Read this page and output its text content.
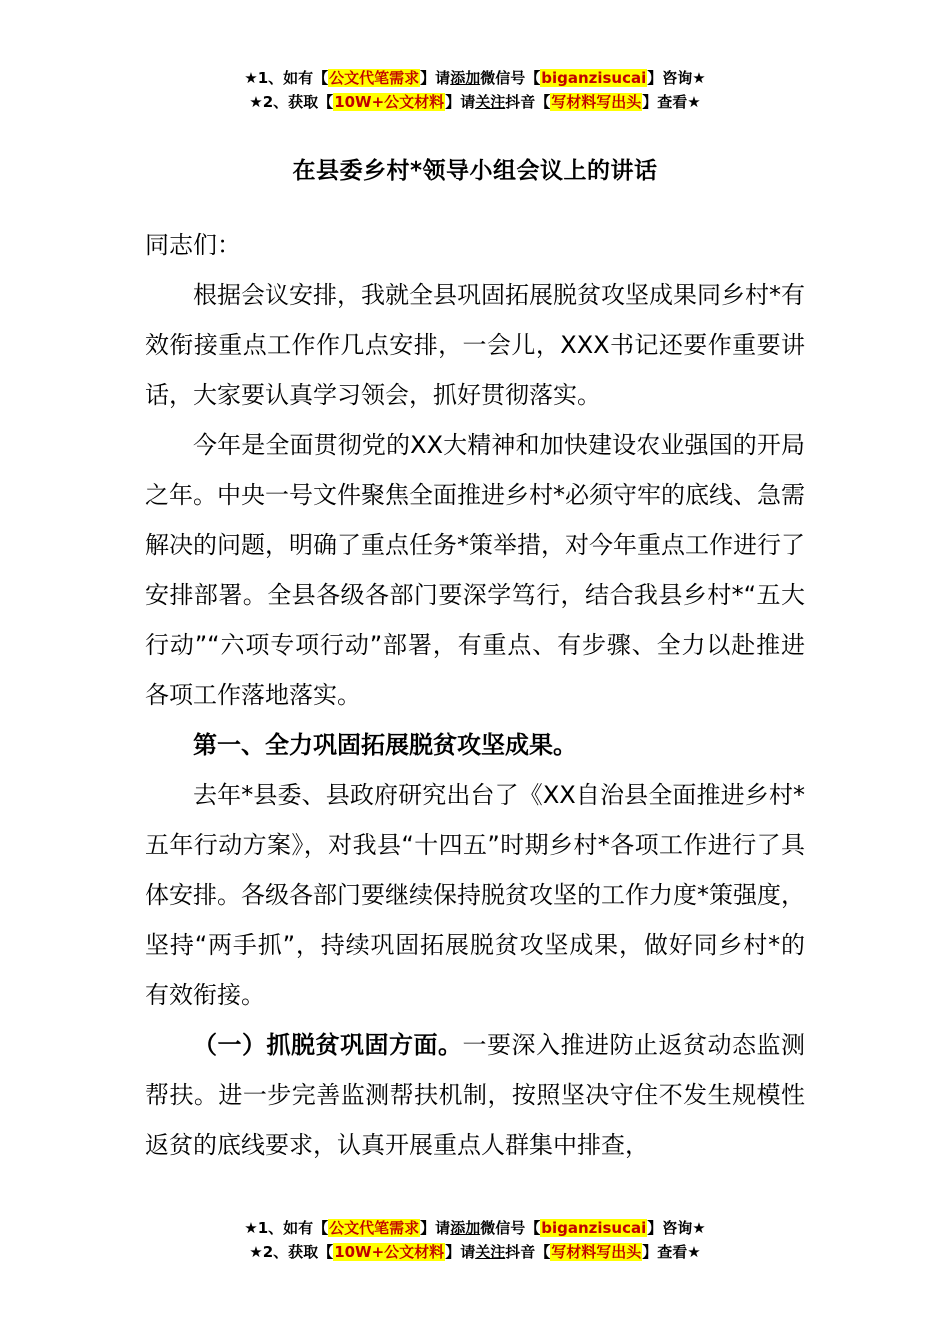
★1、如有【公文代笔需求】请添加微信号【biganzisucai】咨询★
★2、获取【10W+公文材料】请关注抖音【写材料写出头】查看★
在县委乡村*领导小组会议上的讲话

同志们：

根据会议安排，我就全县巩固拓展脱贫攻坚成果同乡村*有效衔接重点工作作几点安排，一会儿，XXX书记还要作重要讲话，大家要认真学习领会，抓好贯彻落实。

今年是全面贯彻党的XX大精神和加快建设农业强国的开局之年。中央一号文件聚焦全面推进乡村*必须守牢的底线、急需解决的问题，明确了重点任务*策举措，对今年重点工作进行了安排部署。全县各级各部门要深学笃行，结合我县乡村*“五大行动”“六项专项行动”部署，有重点、有步骤、全力以赴推进各项工作落地落实。

第一、全力巩固拓展脱贫攻坚成果。

去年*县委、县政府研究出台了《XX自治县全面推进乡村*五年行动方案》，对我县“十四五”时期乡村*各项工作进行了具体安排。各级各部门要继续保持脱贫攻坚的工作力度*策强度，坚持“两手抓”，持续巩固拓展脱贫攻坚成果，做好同乡村*的有效衔接。

（一）抓脱贫巩固方面。一要深入推进防止返贫动态监测帮扶。进一步完善监测帮扶机制，按照坚决守住不发生规模性返贫的底线要求，认真开展重点人群集中排查，

★1、如有【公文代笔需求】请添加微信号【biganzisucai】咨询★
★2、获取【10W+公文材料】请关注抖音【写材料写出头】查看★
